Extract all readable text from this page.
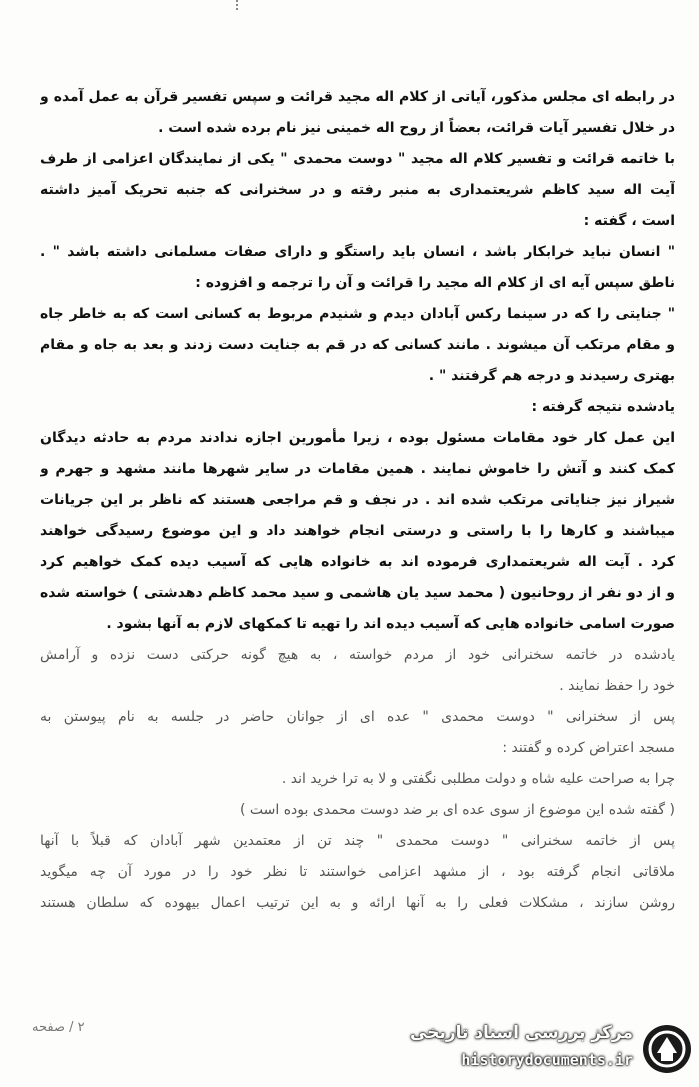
در رابطه ای مجلس مذکور، آیاتی از کلام اله مجید قرائت و سپس تفسیر قرآن به عمل آمده و
در خلال تفسیر آیات قرائت، بعضاً از روح اله خمینی نیز نام برده شده است .
با خاتمه قرائت و تفسیر کلام اله مجید " دوست محمدی " یکی از نمایندگان اعزامی از طرف
آیت اله سید کاظم شریعتمداری به منبر رفته و در سخنرانی که جنبه تحریک آمیز داشته
است ، گفته :
" انسان نباید خرابکار باشد ، انسان باید راستگو و دارای صفات مسلمانی داشته باشد " .
ناطق سپس آیه ای از کلام اله مجید را قرائت و آن را ترجمه و افزوده :
" جنایتی را که در سینما رکس آبادان دیدم و شنیدم مربوط به کسانی است که به خاطر جاه
و مقام مرتکب آن میشوند . مانند کسانی که در قم به جنایت دست زدند و بعد به جاه و مقام
بهتری رسیدند و درجه هم گرفتند " .
یادشده نتیجه گرفته :
این عمل کار خود مقامات مسئول بوده ، زیرا مأمورین اجازه ندادند مردم به حادثه دیدگان
کمک کنند و آتش را خاموش نمایند . همین مقامات در سایر شهرها مانند مشهد و جهرم و
شیراز نیز جنایاتی مرتکب شده اند . در نجف و قم مراجعی هستند که ناظر بر این جریانات
میباشند و کارها را با راستی و درستی انجام خواهند داد و این موضوع رسیدگی خواهند
کرد . آیت اله شریعتمداری فرموده اند به خانواده هایی که آسیب دیده کمک خواهیم کرد
و از دو نفر از روحانیون ( محمد سید یان هاشمی و سید محمد کاظم دهدشتی ) خواسته شده
صورت اسامی خانواده هایی که آسیب دیده اند را تهیه تا کمکهای لازم به آنها بشود .
یادشده در خاتمه سخنرانی خود از مردم خواسته ، به هیچ گونه حرکتی دست نزده و آرامش
خود را حفظ نمایند .
پس از سخنرانی " دوست محمدی " عده ای از جوانان حاضر در جلسه به نام پیوستن به
مسجد اعتراض کرده و گفتند :
چرا به صراحت علیه شاه و دولت مطلبی نگفتی و لا به ترا خرید اند .
( گفته شده این موضوع از سوی عده ای بر ضد دوست محمدی بوده است )
پس از خاتمه سخنرانی " دوست محمدی " چند تن از معتمدین شهر آبادان که قبلاً با آنها
ملاقاتی انجام گرفته بود ، از مشهد اعزامی خواستند تا نظر خود را در مورد آن چه میگوید
روشن سازند ، مشکلات فعلی را به آنها ارائه و به این ترتیب اعمال بیهوده که سلطان هستند
۲ / صفحه	مرکز بررسی اسناد تاریخی
historydocuments.ir
